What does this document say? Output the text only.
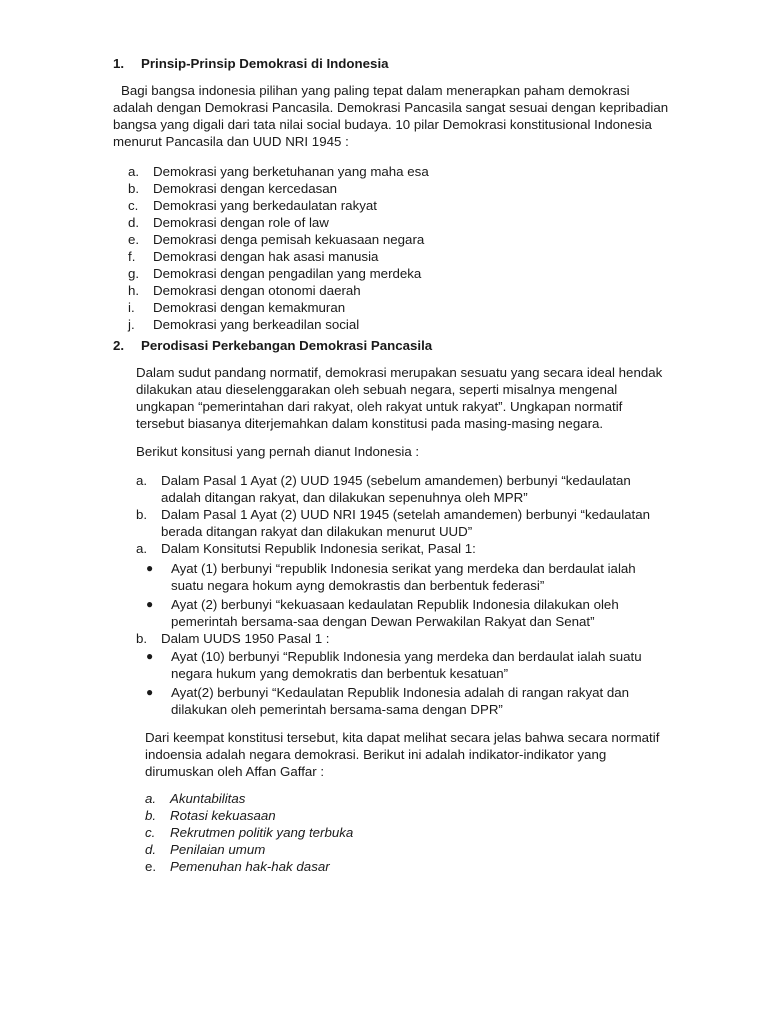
1. Prinsip-Prinsip Demokrasi di Indonesia

Bagi bangsa indonesia pilihan yang paling tepat dalam menerapkan paham demokrasi adalah dengan Demokrasi Pancasila. Demokrasi Pancasila sangat sesuai dengan kepribadian bangsa yang digali dari tata nilai social budaya. 10 pilar Demokrasi konstitusional Indonesia menurut Pancasila dan UUD NRI 1945 :

a. Demokrasi yang berketuhanan yang maha esa
b. Demokrasi dengan kercedasan
c. Demokrasi yang berkedaulatan rakyat
d. Demokrasi dengan role of law
e. Demokrasi denga pemisah kekuasaan negara
f. Demokrasi dengan hak asasi manusia
g. Demokrasi dengan pengadilan yang merdeka
h. Demokrasi dengan otonomi daerah
i. Demokrasi dengan kemakmuran
j. Demokrasi yang berkeadilan social
2. Perodisasi Perkebangan Demokrasi Pancasila

Dalam sudut pandang normatif, demokrasi merupakan sesuatu yang secara ideal hendak dilakukan atau dieselenggarakan oleh sebuah negara, seperti misalnya mengenal ungkapan “pemerintahan dari rakyat, oleh rakyat untuk rakyat”. Ungkapan normatif tersebut biasanya diterjemahkan dalam konstitusi pada masing-masing negara.

Berikut konsitusi yang pernah dianut Indonesia :

a. Dalam Pasal 1 Ayat (2) UUD 1945 (sebelum amandemen) berbunyi “kedaulatan adalah ditangan rakyat, dan dilakukan sepenuhnya oleh MPR”
b. Dalam Pasal 1 Ayat (2) UUD NRI 1945 (setelah amandemen) berbunyi “kedaulatan berada ditangan rakyat dan dilakukan menurut UUD”
a. Dalam Konsitutsi Republik Indonesia serikat, Pasal 1:
● Ayat (1) berbunyi “republik Indonesia serikat yang merdeka dan berdaulat ialah suatu negara hokum ayng demokrastis dan berbentuk federasi”
● Ayat (2) berbunyi “kekuasaan kedaulatan Republik Indonesia dilakukan oleh pemerintah bersama-saa dengan Dewan Perwakilan Rakyat dan Senat”
b. Dalam UUDS 1950 Pasal 1 :
● Ayat (10) berbunyi “Republik Indonesia yang merdeka dan berdaulat ialah suatu negara hukum yang demokratis dan berbentuk kesatuan”
● Ayat(2) berbunyi “Kedaulatan Republik Indonesia adalah di rangan rakyat dan dilakukan oleh pemerintah bersama-sama dengan DPR”

Dari keempat konstitusi tersebut, kita dapat melihat secara jelas bahwa secara normatif indoensia adalah negara demokrasi. Berikut ini adalah indikator-indikator yang dirumuskan oleh Affan Gaffar :

a. Akuntabilitas
b. Rotasi kekuasaan
c. Rekrutmen politik yang terbuka
d. Penilaian umum
e. Pemenuhan hak-hak dasar
